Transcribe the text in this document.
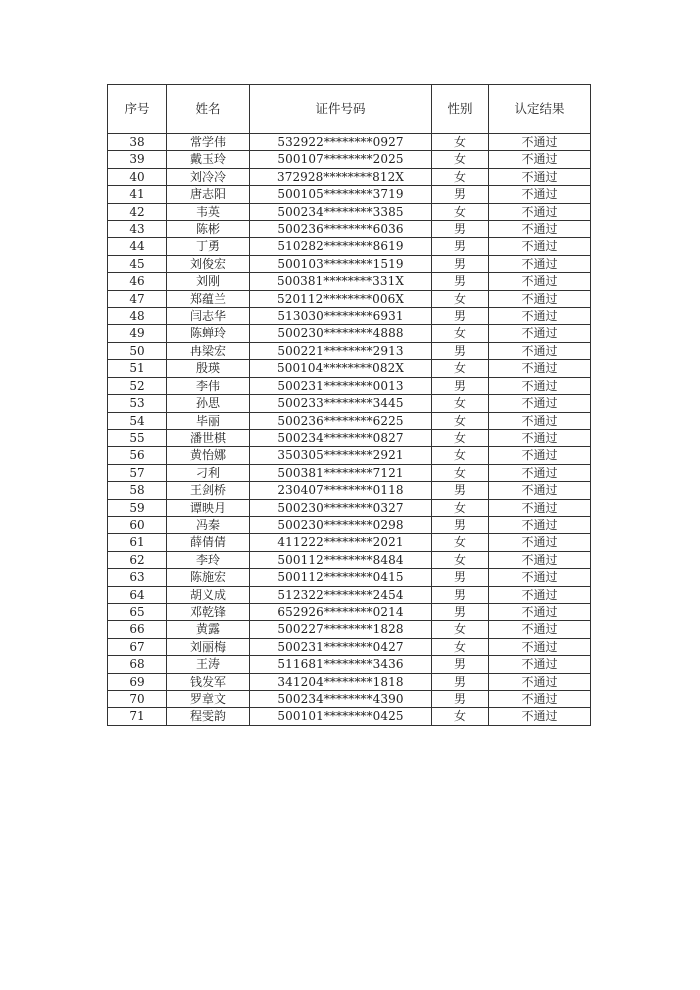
序号	姓名	证件号码	性别	认定结果
38	常学伟	532922********0927	女	不通过
39	戴玉玲	500107********2025	女	不通过
40	刘冷冷	372928********812X	女	不通过
41	唐志阳	500105********3719	男	不通过
42	韦英	500234********3385	女	不通过
43	陈彬	500236********6036	男	不通过
44	丁勇	510282********8619	男	不通过
45	刘俊宏	500103********1519	男	不通过
46	刘刚	500381********331X	男	不通过
47	郑蕴兰	520112********006X	女	不通过
48	闫志华	513030********6931	男	不通过
49	陈蝉玲	500230********4888	女	不通过
50	冉梁宏	500221********2913	男	不通过
51	殷瑛	500104********082X	女	不通过
52	李伟	500231********0013	男	不通过
53	孙思	500233********3445	女	不通过
54	毕丽	500236********6225	女	不通过
55	潘世棋	500234********0827	女	不通过
56	黄怡娜	350305********2921	女	不通过
57	刁利	500381********7121	女	不通过
58	王剑桥	230407********0118	男	不通过
59	谭映月	500230********0327	女	不通过
60	冯秦	500230********0298	男	不通过
61	薛倩倩	411222********2021	女	不通过
62	李玲	500112********8484	女	不通过
63	陈施宏	500112********0415	男	不通过
64	胡义成	512322********2454	男	不通过
65	邓乾锋	652926********0214	男	不通过
66	黄露	500227********1828	女	不通过
67	刘丽梅	500231********0427	女	不通过
68	王涛	511681********3436	男	不通过
69	钱发军	341204********1818	男	不通过
70	罗章文	500234********4390	男	不通过
71	程雯韵	500101********0425	女	不通过
